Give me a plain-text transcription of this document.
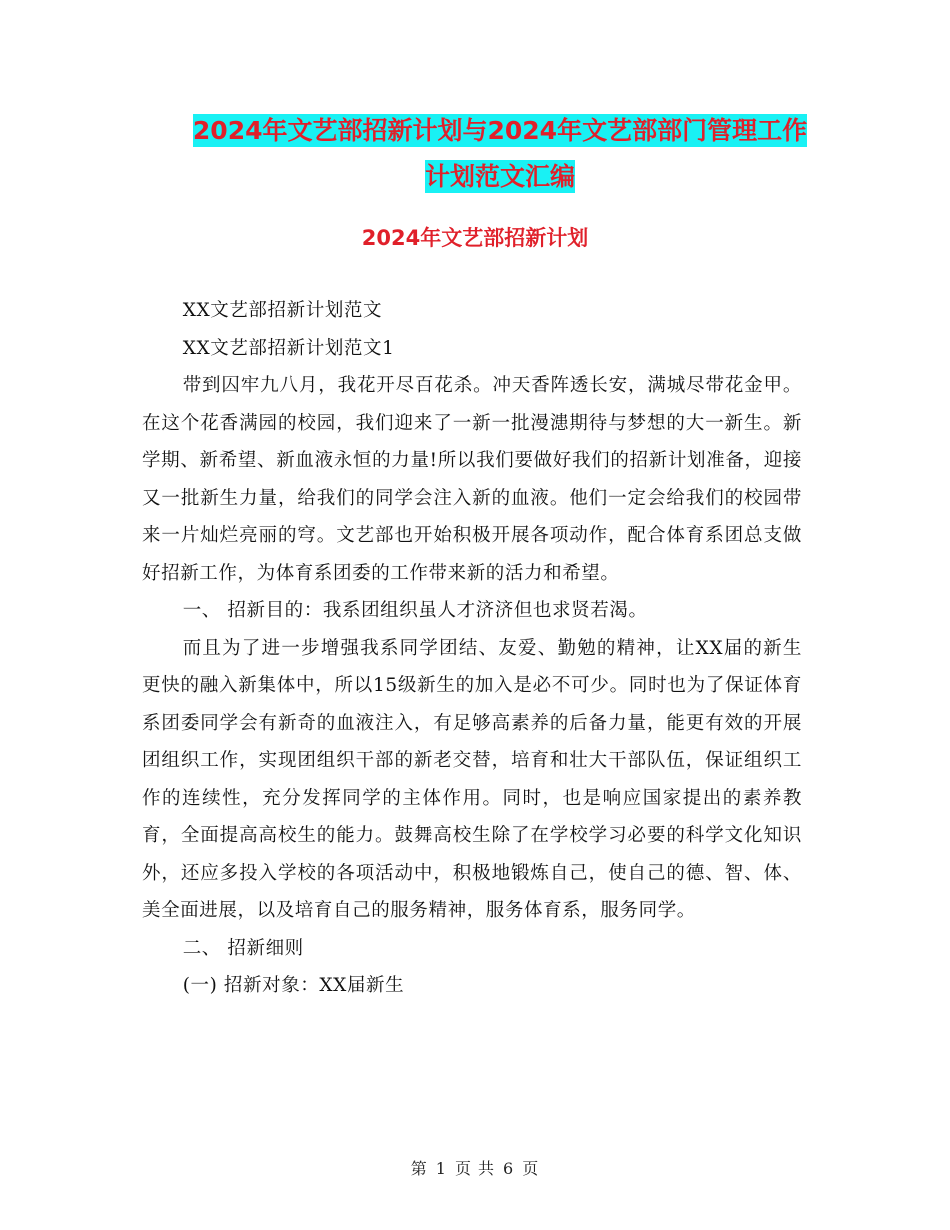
2024年文艺部招新计划与2024年文艺部部门管理工作
计划范文汇编
2024年文艺部招新计划

XX文艺部招新计划范文

XX文艺部招新计划范文1

带到囚牢九八月，我花开尽百花杀。冲天香阵透长安，满城尽带花金甲。在这个花香满园的校园，我们迎来了一新一批漫漶期待与梦想的大一新生。新学期、新希望、新血液永恒的力量!所以我们要做好我们的招新计划准备，迎接又一批新生力量，给我们的同学会注入新的血液。他们一定会给我们的校园带来一片灿烂亮丽的穹。文艺部也开始积极开展各项动作，配合体育系团总支做好招新工作，为体育系团委的工作带来新的活力和希望。

一、 招新目的：我系团组织虽人才济济但也求贤若渴。

而且为了进一步增强我系同学团结、友爱、勤勉的精神，让XX届的新生更快的融入新集体中，所以15级新生的加入是必不可少。同时也为了保证体育系团委同学会有新奇的血液注入，有足够高素养的后备力量，能更有效的开展团组织工作，实现团组织干部的新老交替，培育和壮大干部队伍，保证组织工作的连续性，充分发挥同学的主体作用。同时，也是响应国家提出的素养教育，全面提高高校生的能力。鼓舞高校生除了在学校学习必要的科学文化知识外，还应多投入学校的各项活动中，积极地锻炼自己，使自己的德、智、体、美全面进展，以及培育自己的服务精神，服务体育系，服务同学。

二、 招新细则

(一) 招新对象：XX届新生

第 1 页 共 6 页
